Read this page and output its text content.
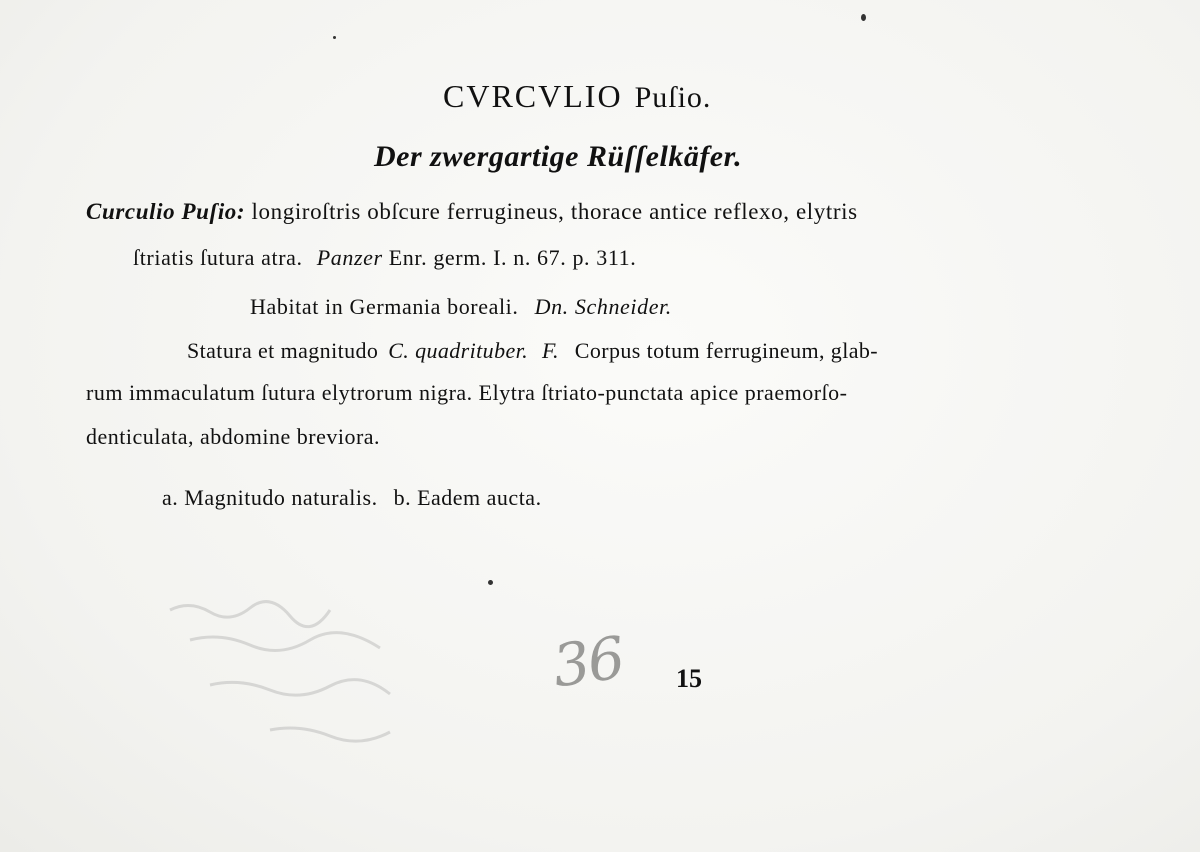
CVRCVLIO Puſio.
Der zwergartige Rüſſelkäfer.
Curculio Puſio: longiroſtris obſcure ferrugineus, thorace antice reflexo, elytris
ſtriatis ſutura atra. Panzer Enr. germ. I. n. 67. p. 311.
Habitat in Germania boreali. Dn. Schneider.
Statura et magnitudo C. quadrituber. F. Corpus totum ferrugineum, glab-
rum immaculatum ſutura elytrorum nigra. Elytra ſtriato-punctata apice praemorſo-
denticulata, abdomine breviora.
a. Magnitudo naturalis. b. Eadem aucta.
36 15
